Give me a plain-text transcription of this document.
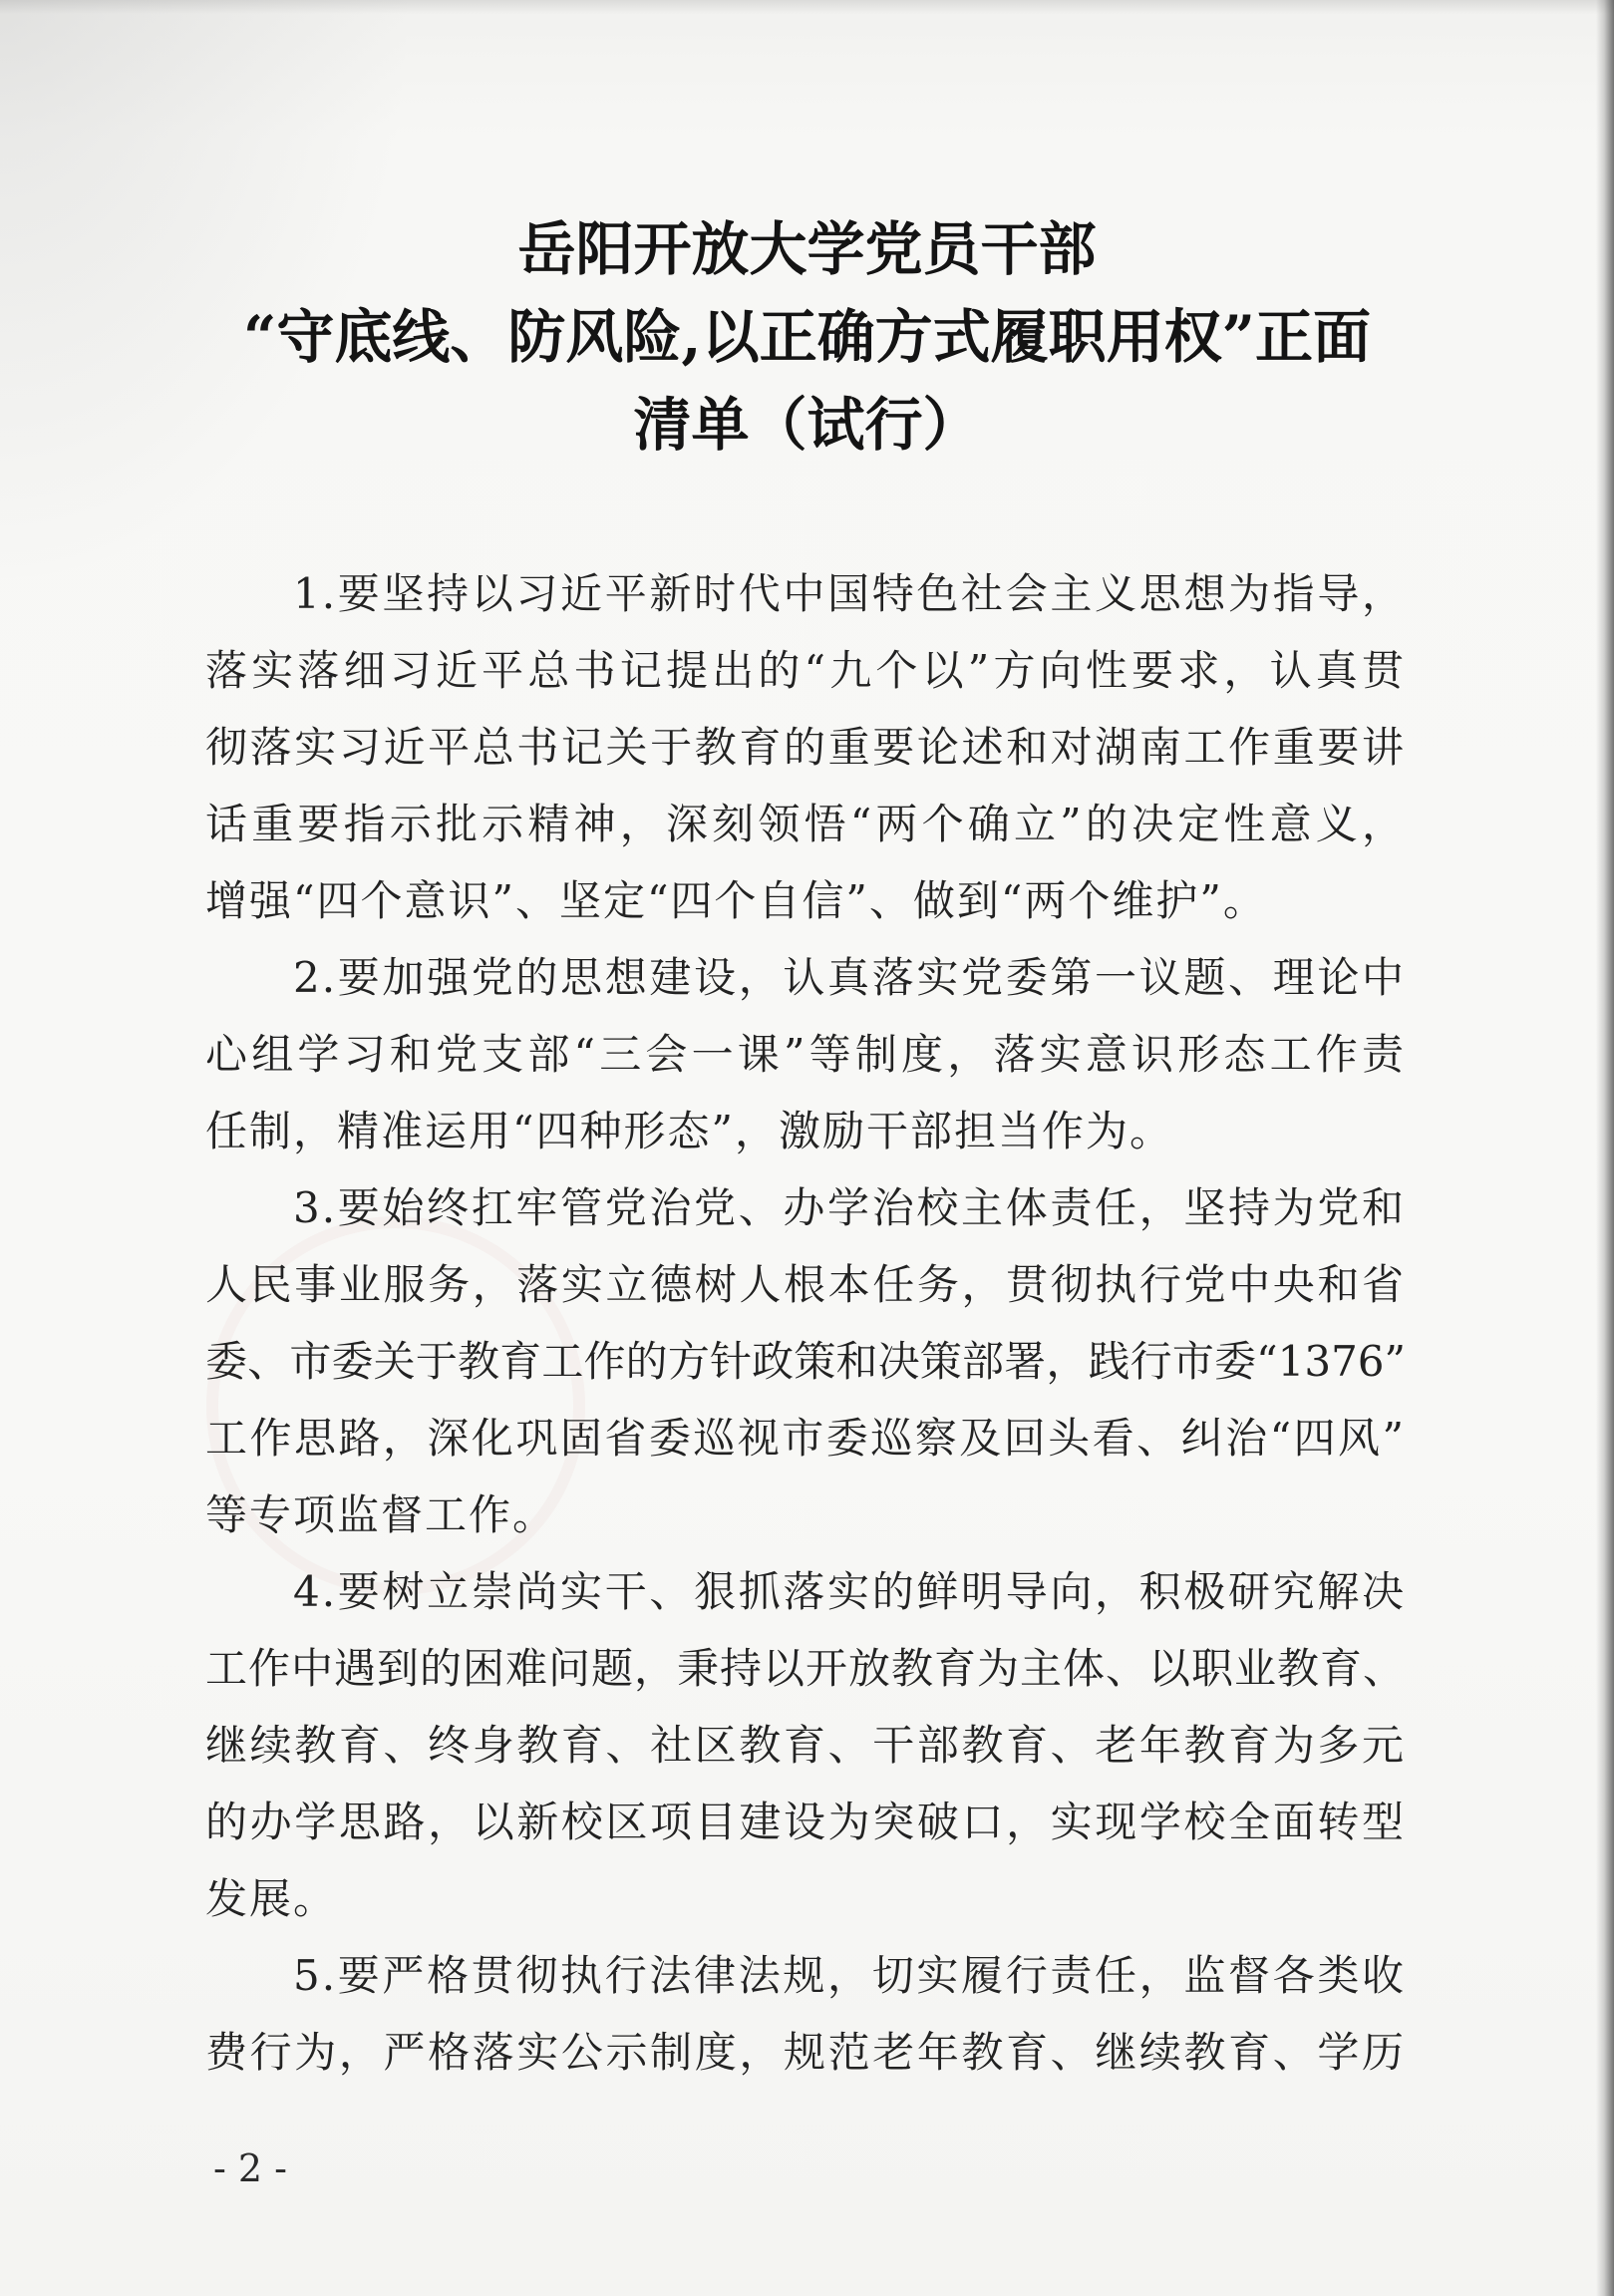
岳阳开放大学党员干部
“守底线、防风险,以正确方式履职用权”正面
清单（试行）
1.要坚持以习近平新时代中国特色社会主义思想为指导，
落实落细习近平总书记提出的“九个以”方向性要求，认真贯
彻落实习近平总书记关于教育的重要论述和对湖南工作重要讲
话重要指示批示精神，深刻领悟“两个确立”的决定性意义，
增强“四个意识”、坚定“四个自信”、做到“两个维护”。
2.要加强党的思想建设，认真落实党委第一议题、理论中
心组学习和党支部“三会一课”等制度，落实意识形态工作责
任制，精准运用“四种形态”，激励干部担当作为。
3.要始终扛牢管党治党、办学治校主体责任，坚持为党和
人民事业服务，落实立德树人根本任务，贯彻执行党中央和省
委、市委关于教育工作的方针政策和决策部署，践行市委“1376”
工作思路，深化巩固省委巡视市委巡察及回头看、纠治“四风”
等专项监督工作。
4.要树立崇尚实干、狠抓落实的鲜明导向，积极研究解决
工作中遇到的困难问题，秉持以开放教育为主体、以职业教育、
继续教育、终身教育、社区教育、干部教育、老年教育为多元
的办学思路，以新校区项目建设为突破口，实现学校全面转型
发展。
5.要严格贯彻执行法律法规，切实履行责任，监督各类收
费行为，严格落实公示制度，规范老年教育、继续教育、学历
- 2 -
